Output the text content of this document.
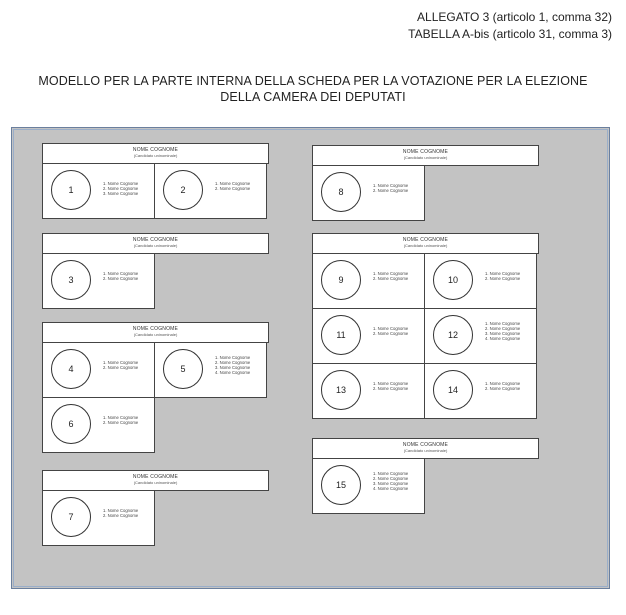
ALLEGATO 3 (articolo 1, comma 32)
TABELLA A-bis (articolo 31, comma 3)
MODELLO PER LA PARTE INTERNA DELLA SCHEDA PER LA VOTAZIONE PER LA ELEZIONE
DELLA CAMERA DEI DEPUTATI
NOME COGNOME
(Candidato uninominale)
1
1. Nome Cognome
2. Nome Cognome
3. Nome Cognome	2
1. Nome Cognome
2. Nome Cognome
NOME COGNOME
(Candidato uninominale)
3
1. Nome Cognome
2. Nome Cognome
NOME COGNOME
(Candidato uninominale)
4
1. Nome Cognome
2. Nome Cognome	5
1. Nome Cognome
2. Nome Cognome
3. Nome Cognome
4. Nome Cognome
6
1. Nome Cognome
2. Nome Cognome
NOME COGNOME
(Candidato uninominale)
7
1. Nome Cognome
2. Nome Cognome
NOME COGNOME
(Candidato uninominale)
8
1. Nome Cognome
2. Nome Cognome
NOME COGNOME
(Candidato uninominale)
9
1. Nome Cognome
2. Nome Cognome	10
1. Nome Cognome
2. Nome Cognome
11
1. Nome Cognome
2. Nome Cognome	12
1. Nome Cognome
2. Nome Cognome
3. Nome Cognome
4. Nome Cognome
13
1. Nome Cognome
2. Nome Cognome	14
1. Nome Cognome
2. Nome Cognome
NOME COGNOME
(Candidato uninominale)
15
1. Nome Cognome
2. Nome Cognome
3. Nome Cognome
4. Nome Cognome
